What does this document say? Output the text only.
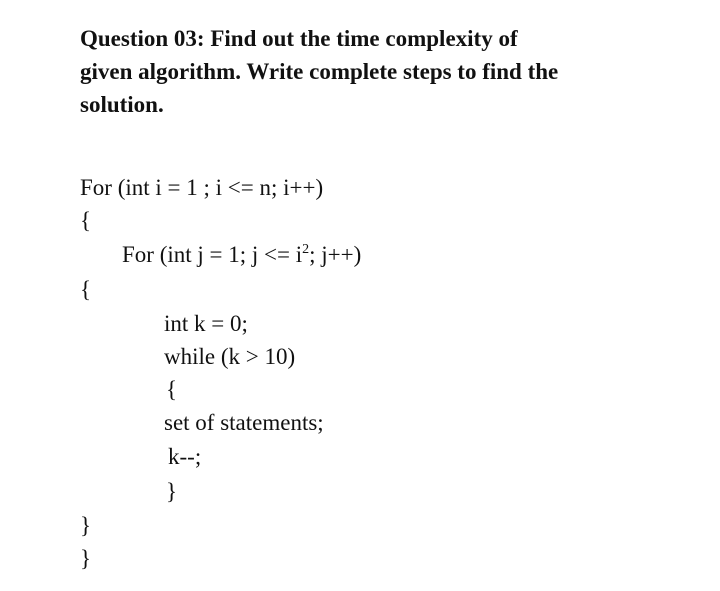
Question 03: Find out the time complexity of
given algorithm. Write complete steps to find the
solution.
For (int i = 1 ; i <= n; i++)
{
For (int j = 1; $j <= i^2$; j++)
{
int k = 0;
while (k > 10)
{
set of statements;
k--;
}
}
}
